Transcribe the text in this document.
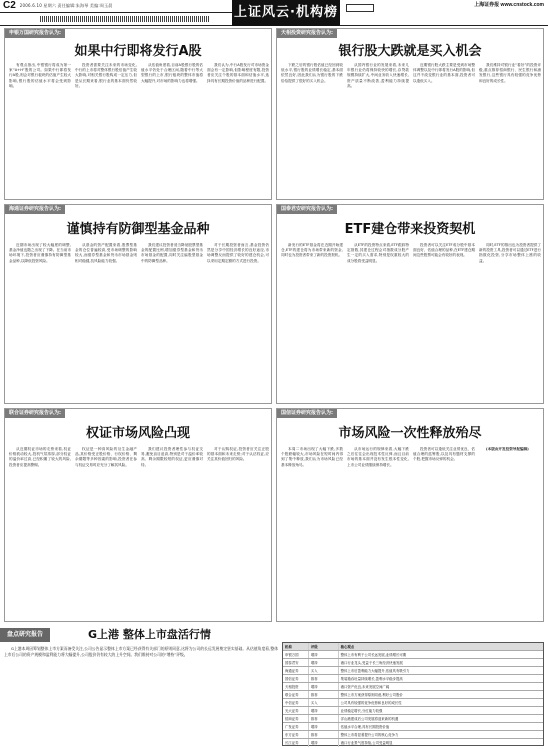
C2 2006.6.10 星期六 责任编辑:朱海琴 美编:周玉晨	上证风云·机构榜	上海证券报 www.cnstock.com
申银万国研究报告认为:
如果中行即将发行A股

有观点指出,中银银行将成为第一家“A+H”股的公司。如果中行即将发行A股,则会对银行板块的估值产生较大影响,银行股的估值水平将会受到影响。

投资者需要关注未来的市场变化,中行的上市将对整体银行股估值产生较大影响,对相关银行股构成一定压力,但是从长期来看,银行业的基本面仍然较好。

从估值角度看,目前A股银行股的估值水平仍处于合理区间,随着中行等大型银行的上市,银行板块的整体市值将大幅提升,对市场的影响力也将增强。

我们认为,中行A股发行对市场资金面会有一定影响,但影响程度有限,投资者应关注个股的基本面和估值水平,选择具有长期投资价值的品种进行配置。

天相投资研究报告认为:
银行股大跌就是买入机会

下跌之后的银行股估值已经回到较低水平,银行股的业绩增长稳定,基本面依然良好,因此我们认为银行股的下跌恰恰提供了很好的买入机会。

从国内银行业的发展来看,未来几年银行业仍将保持较快的增长,存贷款规模持续扩大,中间业务收入快速增长,资产质量不断改善,盈利能力持续提高。

近期银行股大跌主要是受到市场整体调整以及中行即将发行A股的影响,但这并不改变银行业的基本面,投资者可以逢低买入。

我们维持对银行业“看好”的投资评级,重点推荐招商银行、民生银行和浦发银行,这些银行具有较强的竞争优势和良好的成长性。

海通证券研究报告认为:
谨慎持有防御型基金品种

近期市场出现了较大幅度的调整,基金净值也随之出现了下降。在当前市场环境下,投资者应谨慎持有防御型基金品种,以降低投资风险。

从基金的资产配置来看,股票型基金的仓位普遍较高,受市场调整的影响较大,而债券型基金和货币市场基金则相对稳健,抗风险能力较强。

我们建议投资者适当降低股票型基金的配置比例,增加债券型基金和货币市场基金的配置,同时关注偏股型基金中的防御型品种。

对于长期投资者而言,基金投资仍然是分享中国经济增长的良好途径,市场调整反而提供了较好的建仓机会,可以采用定期定额的方式进行投资。

国泰君安研究报告认为:
ETF建仓带来投资契机

新发行的ETF基金将在近期开始建仓,ETF的建仓将为市场带来新的资金,同时也为投资者带来了新的投资契机。

从ETF的投资特点来看,ETF跟踪特定指数,其建仓过程会对指数成分股产生一定的买入需求,特别是权重较大的成分股将受益明显。

投资者可以关注ETF成分股中基本面良好、估值合理的品种,在ETF建仓期间这些股票可能会有较好的表现。

同时,ETF的推出也为投资者提供了新的投资工具,投资者可以通过ETF进行指数化投资,分享市场整体上涨的收益。

联合证券研究报告认为:
权证市场风险凸现

从近期权证市场的走势来看,权证价格波动较大,投机气氛浓厚,部分权证的溢价率过高,已经积累了较大的风险,投资者应提高警惕。

权证是一种高风险的衍生金融产品,其价格受正股价格、行权价格、剩余期限等多种因素的影响,投资者在参与权证交易时应充分了解其风险。

我们建议投资者理性参与权证交易,避免盲目追高,特别是对于溢价率较高、剩余期限较短的权证,更应谨慎对待。

对于认购权证,投资者应关注正股的基本面和未来走势;对于认沽权证,应关注其价值回归的风险。

国信证券研究报告认为:
市场风险一次性释放殆尽

本周二市场出现了大幅下跌,多数个股跌幅较大,市场风险在短时间内得到了集中释放,我们认为市场风险已经基本释放殆尽。

从市场运行的规律来看,大幅下跌之后往往会出现技术性反弹,而且目前市场的基本面并没有发生根本性变化,上市公司业绩继续保持增长。

投资者可以逢低关注业绩优良、估值合理的蓝筹股,以及具有题材支撑的个股,把握市场反弹的机会。

(本版由开发投资导报编辑)

盘点研究报告	G上港 整体上市盘活行情

G上港本周因筹划整体上市方案而备受关注,公司公告显示整体上市方案已经获得有关部门的原则同意,这将为公司的长远发展奠定坚实基础。从估值角度看,整体上市后公司的资产规模和盈利能力将大幅提升,公司股价仍有较大的上升空间。我们维持对公司的“增持”评级。

机构	评级	核心观点
申银万国	增持	整体上市有利于公司长远发展,业绩增长可期
国泰君安	增持	港口行业龙头,受益于长三角经济快速发展
海通证券	买入	整体上市后盈利能力大幅提升,估值具有吸引力
国信证券	推荐	集装箱吞吐量持续增长,盈利水平稳步提高
天相投资	增持	港口资产优良,未来发展空间广阔
联合证券	推荐	整体上市方案获得原则同意,利好公司股价
中信证券	买入	公司具有较强的竞争优势和良好的成长性
光大证券	增持	业绩稳定增长,分红能力较强
招商证券	推荐	洋山港建成后公司发展将迎来新的机遇
广发证券	增持	估值水平合理,具有长期投资价值
东方证券	推荐	整体上市将显著提升公司的核心竞争力
长江证券	增持	港口行业景气度持续,公司受益明显
